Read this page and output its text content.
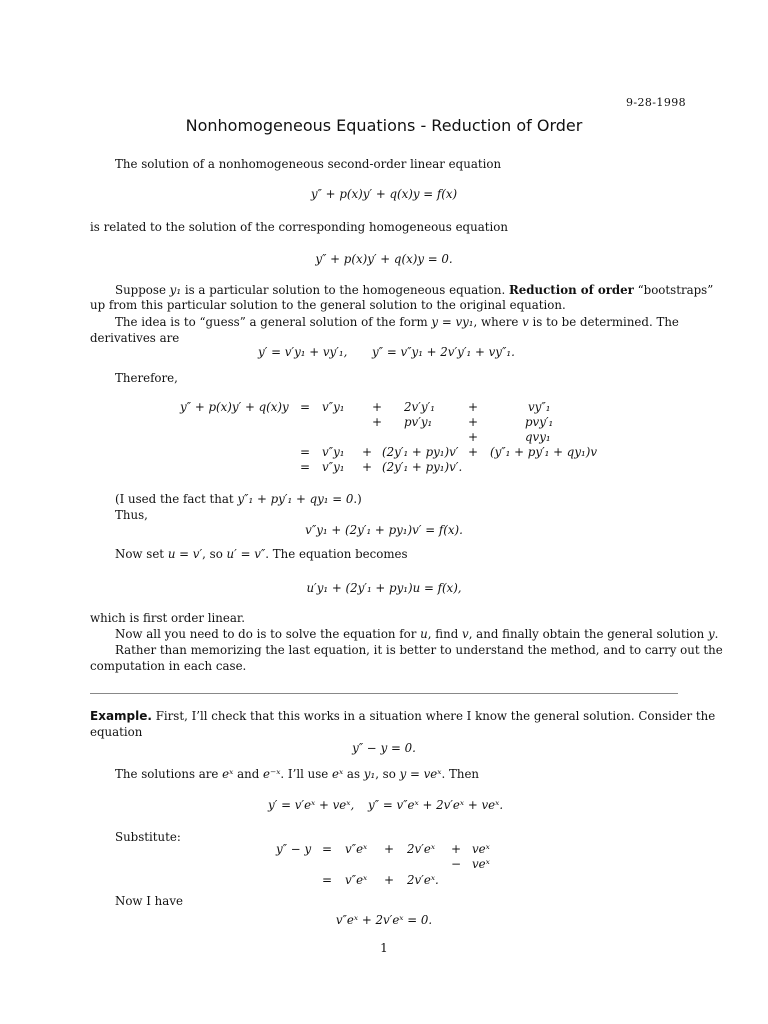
9-28-1998
Nonhomogeneous Equations - Reduction of Order
The solution of a nonhomogeneous second-order linear equation
y″ + p(x)y′ + q(x)y = f(x)
is related to the solution of the corresponding homogeneous equation
y″ + p(x)y′ + q(x)y = 0.
Suppose y₁ is a particular solution to the homogeneous equation. Reduction of order “bootstraps”
up from this particular solution to the general solution to the original equation.
The idea is to “guess” a general solution of the form y = vy₁, where v is to be determined. The
derivatives are
y′ = v′y₁ + vy′₁, y″ = v″y₁ + 2v′y′₁ + vy″₁.
Therefore,
y″ + p(x)y′ + q(x)y = v″y₁ + 2v′y′₁	+	vy″₁
+ pv′y₁	+	pvy′₁
+	qvy₁
= v″y₁ + (2y′₁ + py₁)v′ + (y″₁ + py′₁ + qy₁)v
= v″y₁ + (2y′₁ + py₁)v′.
(I used the fact that y″₁ + py′₁ + qy₁ = 0.)
Thus,
v″y₁ + (2y′₁ + py₁)v′ = f(x).
Now set u = v′, so u′ = v″. The equation becomes
u′y₁ + (2y′₁ + py₁)u = f(x),
which is first order linear.
Now all you need to do is to solve the equation for u, find v, and finally obtain the general solution y.
Rather than memorizing the last equation, it is better to understand the method, and to carry out the
computation in each case.
Example. First, I’ll check that this works in a situation where I know the general solution. Consider the
equation
y″ − y = 0.
The solutions are eˣ and e⁻ˣ. I’ll use eˣ as y₁, so y = veˣ. Then
y′ = v′eˣ + veˣ, y″ = v″eˣ + 2v′eˣ + veˣ.
Substitute:
y″ − y = v″eˣ + 2v′eˣ + veˣ
− veˣ
= v″eˣ + 2v′eˣ.
Now I have
v″eˣ + 2v′eˣ = 0.
1
